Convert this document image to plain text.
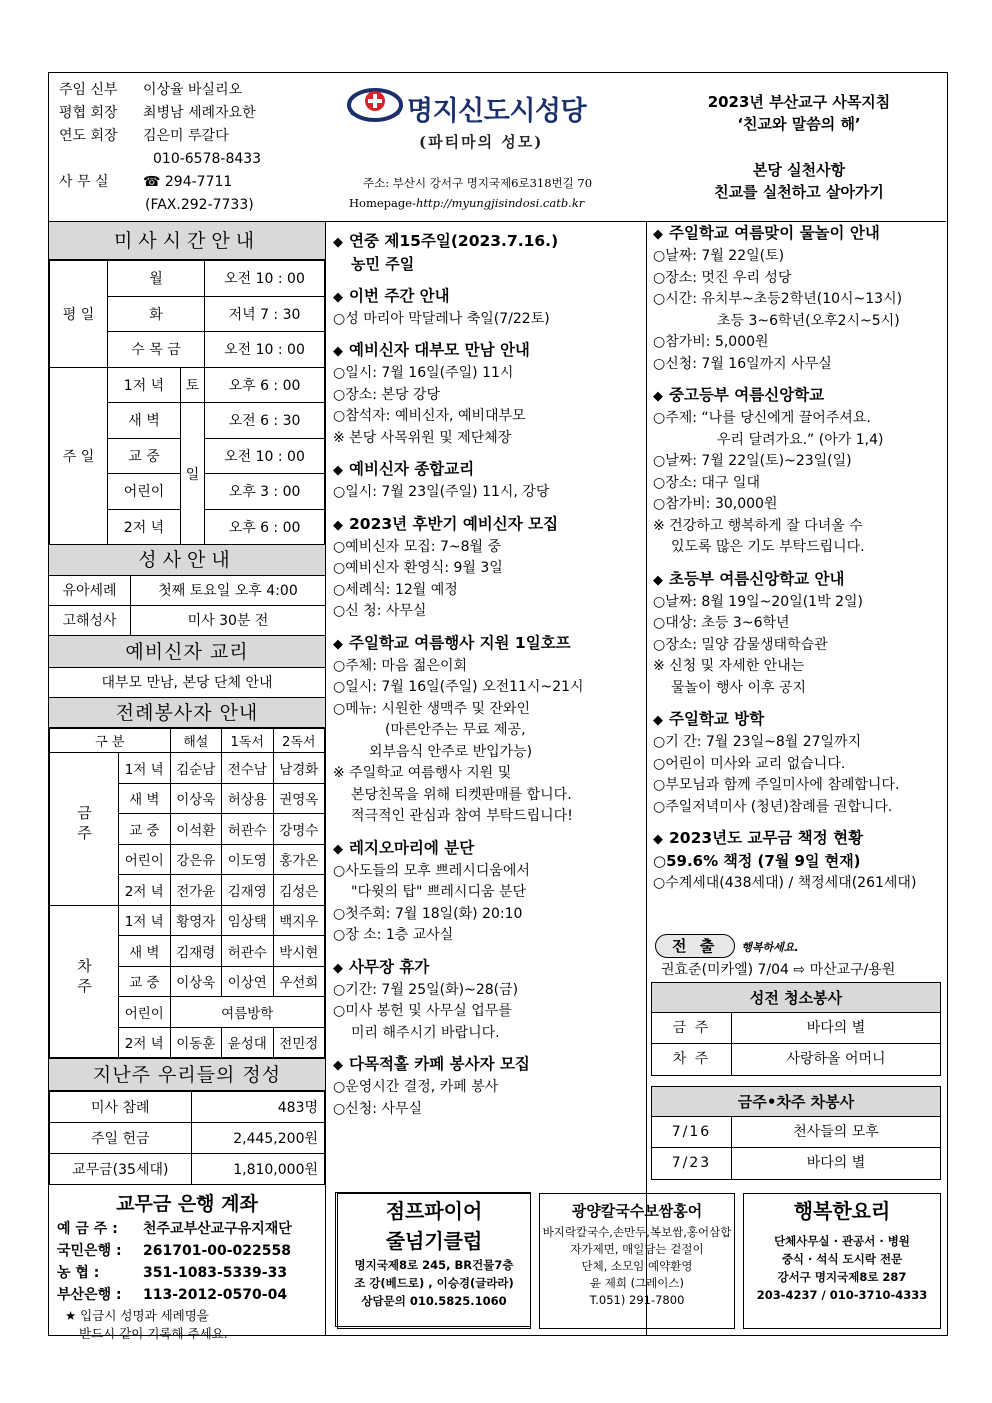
주임 신부 이상율 바실리오
평협 회장 최병남 세례자요한
연도 회장 김은미 루갈다
010-6578-8433
사 무 실 ☎ 294-7711
(FAX.292-7733)
명지신도시성당
(파티마의 성모)
주소: 부산시 강서구 명지국제6로318번길 70
Homepage-http://myungjisindosi.catb.kr
2023년 부산교구 사목지침
‘친교와 말씀의 해’
본당 실천사항
친교를 실천하고 살아가기
미사시간안내
평 일	월		오전 10 : 00
	화		저녁 7 : 30
	수 목 금		오전 10 : 00
주 일	1저 녁	토	오후 6 : 00
	새 벽	일	오전 6 : 30
	교 중		오전 10 : 00
	어린이		오후 3 : 00
	2저 녁		오후 6 : 00
성사안내
유아세례	첫째 토요일 오후 4:00
고해성사	미사 30분 전
예비신자 교리
대부모 만남, 본당 단체 안내
전례봉사자 안내
구 분		해설	1독서	2독서
금 주	1저 녁	김순남	전수남	남경화
	새 벽	이상욱	허상용	권영옥
	교 중	이석환	허관수	강명수
	어린이	강은유	이도영	홍가온
	2저 녁	전가윤	김재영	김성은
차 주	1저 녁	황영자	임상택	백지우
	새 벽	김재령	허관수	박시현
	교 중	이상욱	이상연	우선희
	어린이	여름방학		
	2저 녁	이동훈	윤성대	전민정
지난주 우리들의 정성
미사 참례	483명
주일 헌금	2,445,200원
교무금(35세대)	1,810,000원
교무금 은행 계좌
예 금 주 : 천주교부산교구유지재단
국민은행 : 261701-00-022558
농 협 :	351-1083-5339-33
부산은행 : 113-2012-0570-04
★ 입금시 성명과 세례명을
반드시 같이 기록해 주세요.
◆ 연중 제15주일(2023.7.16.)
농민 주일
◆ 이번 주간 안내
○성 마리아 막달레나 축일(7/22토)
◆ 예비신자 대부모 만남 안내
○일시: 7월 16일(주일) 11시
○장소: 본당 강당
○참석자: 예비신자, 예비대부모
※ 본당 사목위원 및 제단체장
◆ 예비신자 종합교리
○일시: 7월 23일(주일) 11시, 강당
◆ 2023년 후반기 예비신자 모집
○예비신자 모집: 7~8월 중
○예비신자 환영식: 9월 3일
○세례식: 12월 예정
○신 청: 사무실
◆ 주일학교 여름행사 지원 1일호프
○주체: 마음 젊은이회
○일시: 7월 16일(주일) 오전11시~21시
○메뉴: 시원한 생맥주 및 잔와인
(마른안주는 무료 제공,
외부음식 안주로 반입가능)
※ 주일학교 여름행사 지원 및
본당친목을 위해 티켓판매를 합니다.
적극적인 관심과 참여 부탁드립니다!
◆ 레지오마리에 분단
○사도들의 모후 쁘레시디움에서
"다윗의 탑" 쁘레시디움 분단
○첫주회: 7월 18일(화) 20:10
○장 소: 1층 교사실
◆ 사무장 휴가
○기간: 7월 25일(화)~28(금)
○미사 봉헌 및 사무실 업무를
미리 해주시기 바랍니다.
◆ 다목적홀 카페 봉사자 모집
○운영시간 결정, 카페 봉사
○신청: 사무실
◆ 주일학교 여름맞이 물놀이 안내
○날짜: 7월 22일(토)
○장소: 멋진 우리 성당
○시간: 유치부~초등2학년(10시~13시)
초등 3~6학년(오후2시~5시)
○참가비: 5,000원
○신청: 7월 16일까지 사무실
◆ 중고등부 여름신앙학교
○주제: “나를 당신에게 끌어주셔요.
우리 달려가요.” (아가 1,4)
○날짜: 7월 22일(토)~23일(일)
○장소: 대구 일대
○참가비: 30,000원
※ 건강하고 행복하게 잘 다녀올 수
있도록 많은 기도 부탁드립니다.
◆ 초등부 여름신앙학교 안내
○날짜: 8월 19일~20일(1박 2일)
○대상: 초등 3~6학년
○장소: 밀양 감물생태학습관
※ 신청 및 자세한 안내는
물놀이 행사 이후 공지
◆ 주일학교 방학
○기 간: 7월 23일~8월 27일까지
○어린이 미사와 교리 없습니다.
○부모님과 함께 주일미사에 참례합니다.
○주일저녁미사 (청년)참례를 권합니다.
◆ 2023년도 교무금 책정 현황
○59.6% 책정 (7월 9일 현재)
○수계세대(438세대) / 책정세대(261세대)
전 출 행복하세요.
권효준(미카엘) 7/04 ⇨ 마산교구/용원
성전 청소봉사
금 주	바다의 별
차 주	사랑하올 어머니
금주•차주 차봉사
7/16	천사들의 모후
7/23	바다의 별
점프파이어
줄넘기클럽
명지국제8로 245, BR건물7층
조 강(베드로) , 이승경(글라라)
상담문의 010.5825.1060
광양칼국수보쌈홍어
바지락칼국수,손만두,복보쌈,홍어삼합
자가제면, 매일담는 겉절이
단체, 소모임 예약환영
윤 제희 (그레이스)
T.051) 291-7800
행복한요리
단체사무실 · 관공서 · 병원
중식 · 석식 도시락 전문
강서구 명지국제8로 287
203-4237 / 010-3710-4333
